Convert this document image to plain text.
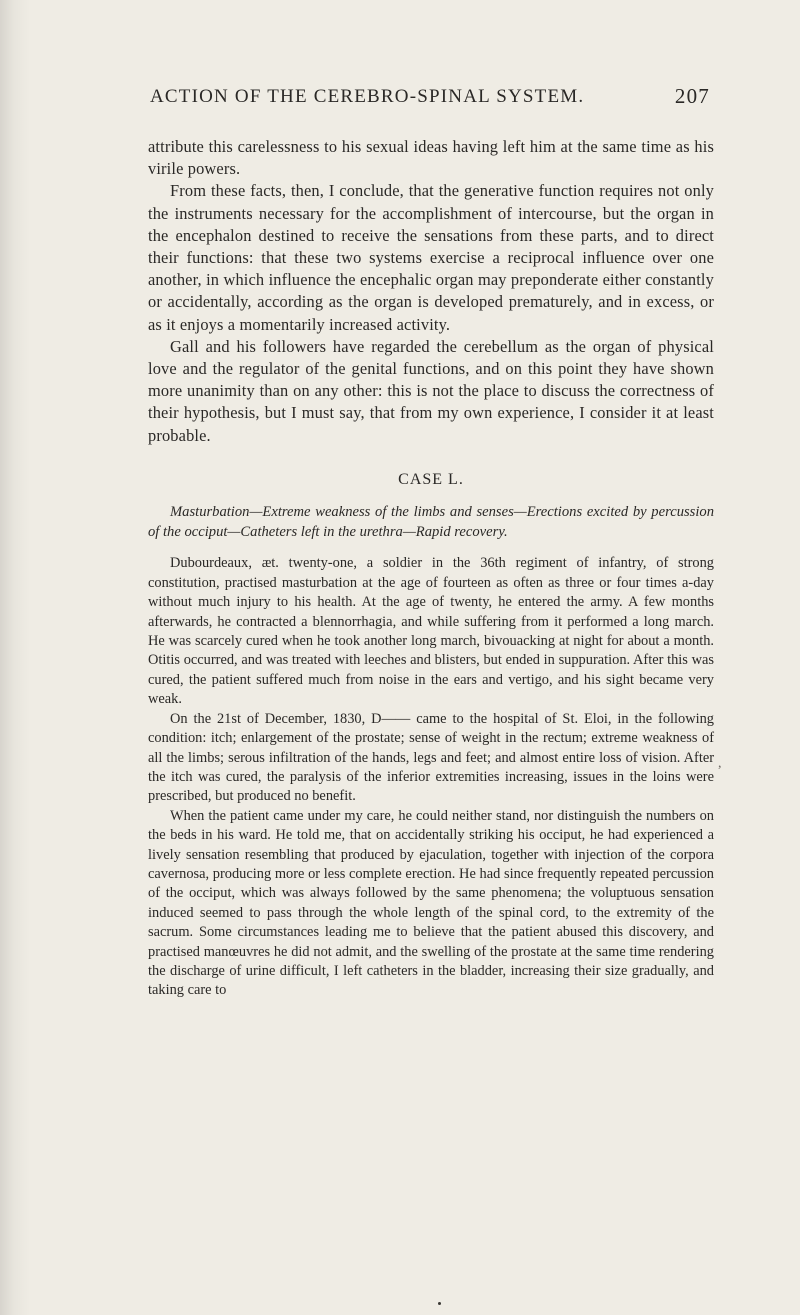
ACTION OF THE CEREBRO-SPINAL SYSTEM.	207

attribute this carelessness to his sexual ideas having left him at the same time as his virile powers.

From these facts, then, I conclude, that the generative function requires not only the instruments necessary for the accomplishment of intercourse, but the organ in the encephalon destined to receive the sensations from these parts, and to direct their functions: that these two systems exercise a reciprocal influence over one another, in which influence the encephalic organ may preponderate either constantly or accidentally, according as the organ is developed prematurely, and in excess, or as it enjoys a momentarily increased activity.

Gall and his followers have regarded the cerebellum as the organ of physical love and the regulator of the genital functions, and on this point they have shown more unanimity than on any other: this is not the place to discuss the correctness of their hypothesis, but I must say, that from my own experience, I consider it at least probable.

CASE L.

Masturbation—Extreme weakness of the limbs and senses—Erections excited by percussion of the occiput—Catheters left in the urethra—Rapid recovery.

Dubourdeaux, æt. twenty-one, a soldier in the 36th regiment of infantry, of strong constitution, practised masturbation at the age of fourteen as often as three or four times a-day without much injury to his health. At the age of twenty, he entered the army. A few months afterwards, he contracted a blennorrhagia, and while suffering from it performed a long march. He was scarcely cured when he took another long march, bivouacking at night for about a month. Otitis occurred, and was treated with leeches and blisters, but ended in suppuration. After this was cured, the patient suffered much from noise in the ears and vertigo, and his sight became very weak.

On the 21st of December, 1830, D—— came to the hospital of St. Eloi, in the following condition: itch; enlargement of the prostate; sense of weight in the rectum; extreme weakness of all the limbs; serous infiltration of the hands, legs and feet; and almost entire loss of vision. After the itch was cured, the paralysis of the inferior extremities increasing, issues in the loins were prescribed, but produced no benefit.

When the patient came under my care, he could neither stand, nor distinguish the numbers on the beds in his ward. He told me, that on accidentally striking his occiput, he had experienced a lively sensation resembling that produced by ejaculation, together with injection of the corpora cavernosa, producing more or less complete erection. He had since frequently repeated percussion of the occiput, which was always followed by the same phenomena; the voluptuous sensation induced seemed to pass through the whole length of the spinal cord, to the extremity of the sacrum. Some circumstances leading me to believe that the patient abused this discovery, and practised manœuvres he did not admit, and the swelling of the prostate at the same time rendering the discharge of urine difficult, I left catheters in the bladder, increasing their size gradually, and taking care to

,
